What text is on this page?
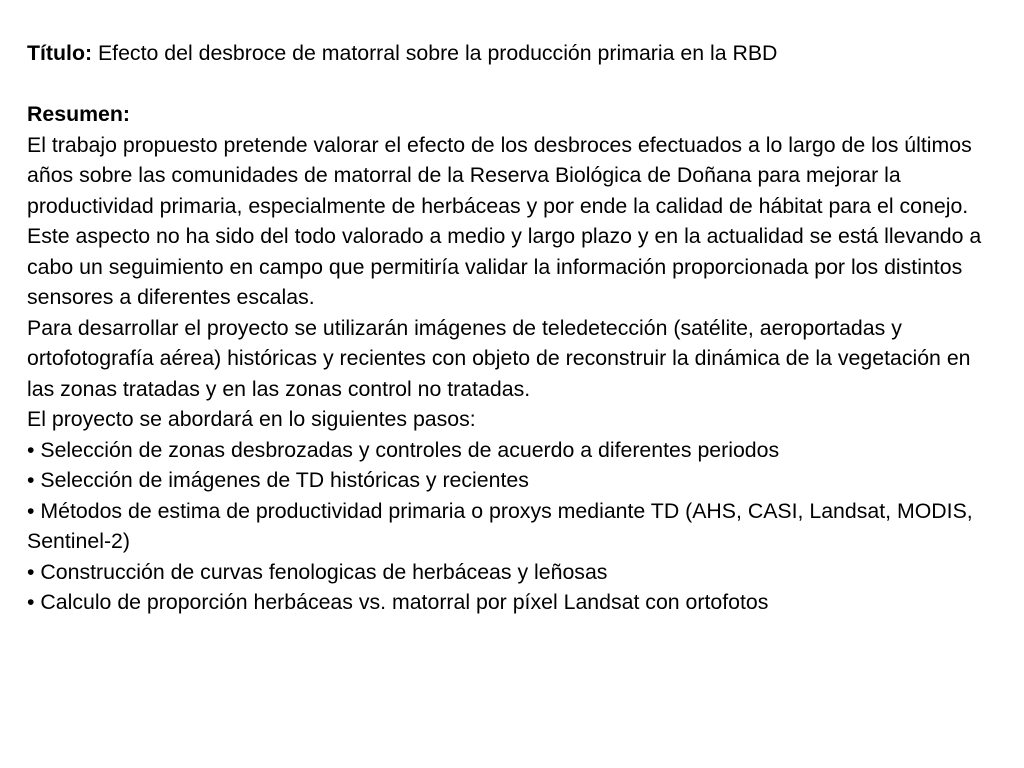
Título: Efecto del desbroce de matorral sobre la producción primaria en la RBD

Resumen:

El trabajo propuesto pretende valorar el efecto de los desbroces efectuados a lo largo de los últimos años sobre las comunidades de matorral de la Reserva Biológica de Doñana para mejorar la productividad primaria, especialmente de herbáceas y por ende la calidad de hábitat para el conejo. Este aspecto no ha sido del todo valorado a medio y largo plazo y en la actualidad se está llevando a cabo un seguimiento en campo que permitiría validar la información proporcionada por los distintos sensores a diferentes escalas.

Para desarrollar el proyecto se utilizarán imágenes de teledetección (satélite, aeroportadas y ortofotografía aérea) históricas y recientes con objeto de reconstruir la dinámica de la vegetación en las zonas tratadas y en las zonas control no tratadas.

El proyecto se abordará en lo siguientes pasos:

• Selección de zonas desbrozadas y controles de acuerdo a diferentes periodos
• Selección de imágenes de TD históricas y recientes
• Métodos de estima de productividad primaria o proxys mediante TD (AHS, CASI, Landsat, MODIS, Sentinel-2)
• Construcción de curvas fenologicas de herbáceas y leñosas
• Calculo de proporción herbáceas vs. matorral por píxel Landsat con ortofotos
